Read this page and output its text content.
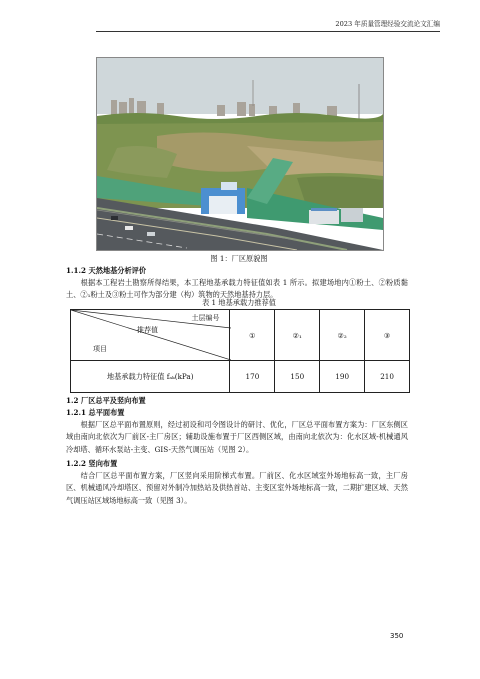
2023 年质量管理经验交流论文汇编
图 1：厂区原貌图
1.1.2 天然地基分析评价
根据本工程岩土勘察所得结果，本工程地基承载力特征值如表 1 所示。拟建场地内①粉土、②粉质黏土、②₁粉土及③粉土可作为部分建（构）筑物的天然地基持力层。
表 1 地基承载力推荐值
土层编号
推荐值
项目	①	②₁	②₂	③
地基承载力特征值 fₐₖ(kPa)	170	150	190	210
1.2 厂区总平及竖向布置
1.2.1 总平面布置
根据厂区总平面布置原则，经过初设和司令图设计的研讨、优化，厂区总平面布置方案为：厂区东侧区域由南向北依次为厂前区-主厂房区；辅助设施布置于厂区西侧区域，由南向北依次为：化水区域-机械通风冷却塔、循环水泵站-主变、GIS-天然气调压站（见图 2）。
1.2.2 竖向布置
结合厂区总平面布置方案，厂区竖向采用阶梯式布置。厂前区、化水区域室外场地标高一致，主厂房区、机械通风冷却塔区、预留对外制冷加热站及供热首站、主变区室外场地标高一致，二期扩建区域、天然气调压站区域场地标高一致（见图 3）。
350
